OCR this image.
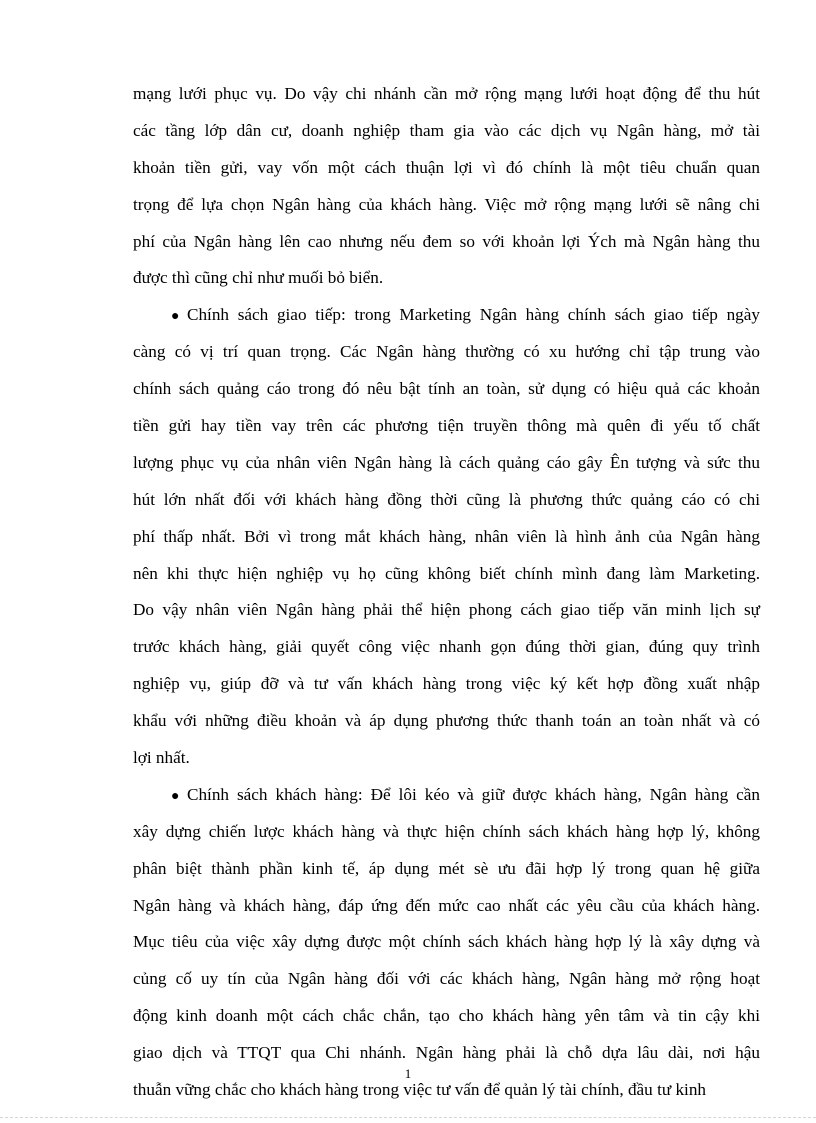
mạng lưới phục vụ. Do vậy chi nhánh cần mở rộng mạng lưới hoạt động để thu hút
các tầng lớp dân cư, doanh nghiệp tham gia vào các dịch vụ Ngân hàng, mở tài
khoản tiền gửi, vay vốn một cách thuận lợi vì đó chính là một tiêu chuẩn quan
trọng để lựa chọn Ngân hàng của khách hàng. Việc mở rộng mạng lưới sẽ nâng chi
phí của Ngân hàng lên cao nhưng nếu đem so với khoản lợi Ých mà Ngân hàng thu
được thì cũng chỉ như muối bỏ biển.
● Chính sách giao tiếp: trong Marketing Ngân hàng chính sách giao tiếp ngày
càng có vị trí quan trọng. Các Ngân hàng thường có xu hướng chỉ tập trung vào
chính sách quảng cáo trong đó nêu bật tính an toàn, sử dụng có hiệu quả các khoản
tiền gửi hay tiền vay trên các phương tiện truyền thông mà quên đi yếu tố chất
lượng phục vụ của nhân viên Ngân hàng là cách quảng cáo gây Ên tượng và sức thu
hút lớn nhất đối với khách hàng đồng thời cũng là phương thức quảng cáo có chi
phí thấp nhất. Bởi vì trong mắt khách hàng, nhân viên là hình ảnh của Ngân hàng
nên khi thực hiện nghiệp vụ họ cũng không biết chính mình đang làm Marketing.
Do vậy nhân viên Ngân hàng phải thể hiện phong cách giao tiếp văn minh lịch sự
trước khách hàng, giải quyết công việc nhanh gọn đúng thời gian, đúng quy trình
nghiệp vụ, giúp đỡ và tư vấn khách hàng trong việc ký kết hợp đồng xuất nhập
khẩu với những điều khoản và áp dụng phương thức thanh toán an toàn nhất và có
lợi nhất.
● Chính sách khách hàng: Để lôi kéo và giữ được khách hàng, Ngân hàng cần
xây dựng chiến lược khách hàng và thực hiện chính sách khách hàng hợp lý, không
phân biệt thành phần kinh tế, áp dụng mét sè ưu đãi hợp lý trong quan hệ giữa
Ngân hàng và khách hàng, đáp ứng đến mức cao nhất các yêu cầu của khách hàng.
Mục tiêu của việc xây dựng được một chính sách khách hàng hợp lý là xây dựng và
củng cố uy tín của Ngân hàng đối với các khách hàng, Ngân hàng mở rộng hoạt
động kinh doanh một cách chắc chắn, tạo cho khách hàng yên tâm và tin cậy khi
giao dịch và TTQT qua Chi nhánh. Ngân hàng phải là chỗ dựa lâu dài, nơi hậu
thuẫn vững chắc cho khách hàng trong việc tư vấn để quản lý tài chính, đầu tư kinh
1
